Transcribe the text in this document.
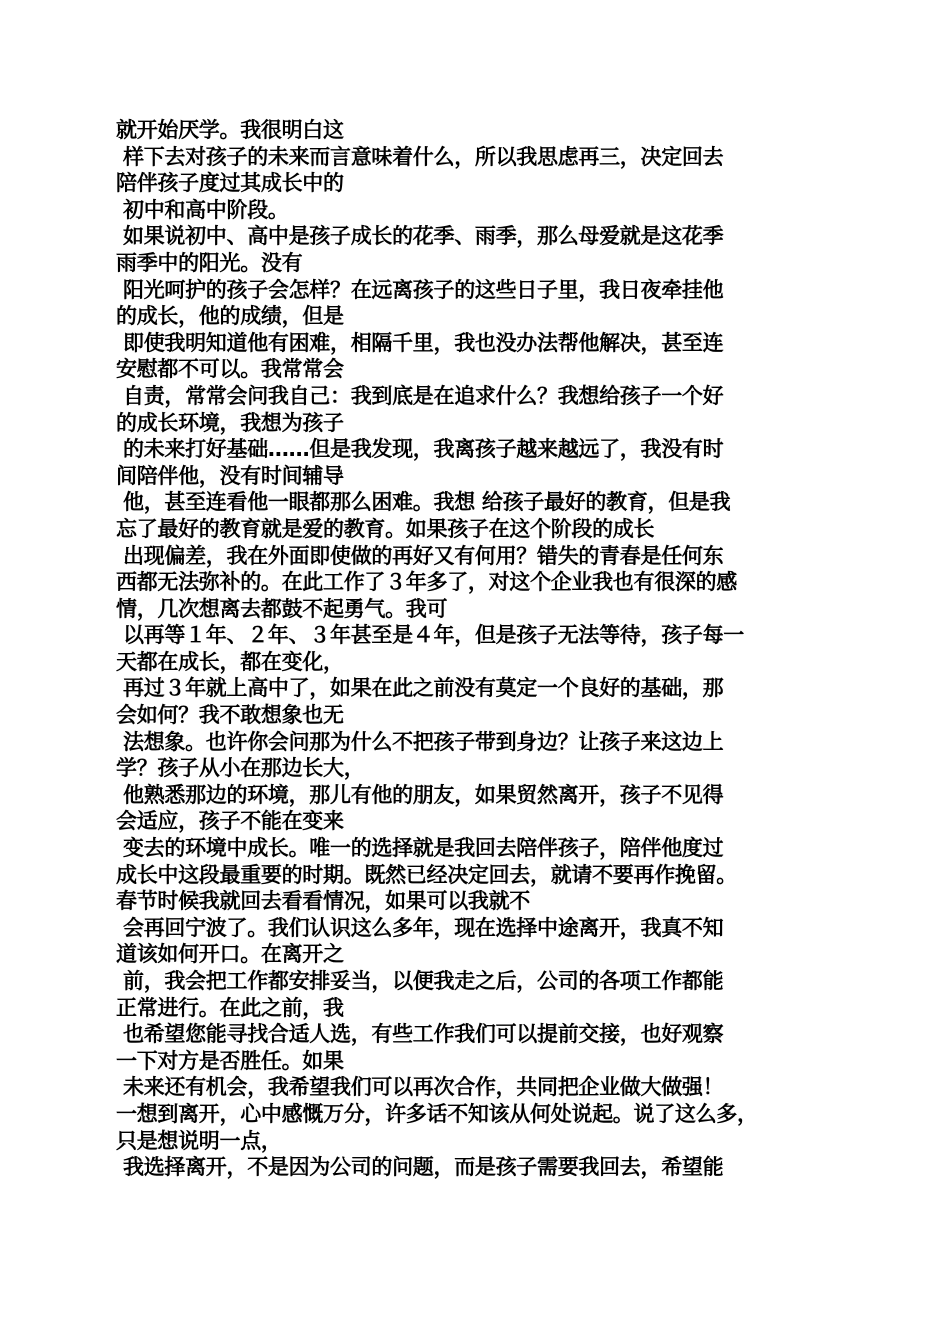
就开始厌学。我很明白这
样下去对孩子的未来而言意味着什么，所以我思虑再三，决定回去
陪伴孩子度过其成长中的
初中和高中阶段。
如果说初中、高中是孩子成长的花季、雨季，那么母爱就是这花季
雨季中的阳光。没有
阳光呵护的孩子会怎样？在远离孩子的这些日子里，我日夜牵挂他
的成长，他的成绩，但是
即使我明知道他有困难，相隔千里，我也没办法帮他解决，甚至连
安慰都不可以。我常常会
自责，常常会问我自己：我到底是在追求什么？我想给孩子一个好
的成长环境，我想为孩子
的未来打好基础……但是我发现，我离孩子越来越远了，我没有时
间陪伴他，没有时间辅导
他，甚至连看他一眼都那么困难。我想 给孩子最好的教育，但是我
忘了最好的教育就是爱的教育。如果孩子在这个阶段的成长
出现偏差，我在外面即使做的再好又有何用？错失的青春是任何东
西都无法弥补的。在此工作了３年多了，对这个企业我也有很深的感
情，几次想离去都鼓不起勇气。我可
以再等１年、２年、３年甚至是４年，但是孩子无法等待，孩子每一
天都在成长，都在变化，
再过３年就上高中了，如果在此之前没有莫定一个良好的基础，那
会如何？我不敢想象也无
法想象。也许你会问那为什么不把孩子带到身边？让孩子来这边上
学？孩子从小在那边长大，
他熟悉那边的环境，那儿有他的朋友，如果贸然离开，孩子不见得
会适应，孩子不能在变来
变去的环境中成长。唯一的选择就是我回去陪伴孩子，陪伴他度过
成长中这段最重要的时期。既然已经决定回去，就请不要再作挽留。
春节时候我就回去看看情况，如果可以我就不
会再回宁波了。我们认识这么多年，现在选择中途离开，我真不知
道该如何开口。在离开之
前，我会把工作都安排妥当，以便我走之后，公司的各项工作都能
正常进行。在此之前，我
也希望您能寻找合适人选，有些工作我们可以提前交接，也好观察
一下对方是否胜任。如果
未来还有机会，我希望我们可以再次合作，共同把企业做大做强！
一想到离开，心中感慨万分，许多话不知该从何处说起。说了这么多，
只是想说明一点，
我选择离开，不是因为公司的问题，而是孩子需要我回去，希望能
